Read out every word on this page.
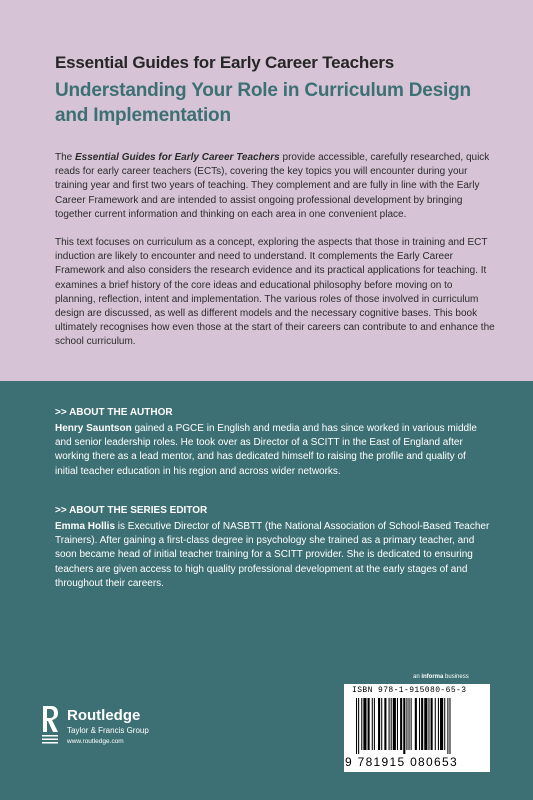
Essential Guides for Early Career Teachers
Understanding Your Role in Curriculum Design and Implementation

The Essential Guides for Early Career Teachers provide accessible, carefully researched, quick reads for early career teachers (ECTs), covering the key topics you will encounter during your training year and first two years of teaching. They complement and are fully in line with the Early Career Framework and are intended to assist ongoing professional development by bringing together current information and thinking on each area in one convenient place.

This text focuses on curriculum as a concept, exploring the aspects that those in training and ECT induction are likely to encounter and need to understand. It complements the Early Career Framework and also considers the research evidence and its practical applications for teaching. It examines a brief history of the core ideas and educational philosophy before moving on to planning, reflection, intent and implementation. The various roles of those involved in curriculum design are discussed, as well as different models and the necessary cognitive bases. This book ultimately recognises how even those at the start of their careers can contribute to and enhance the school curriculum.

>> ABOUT THE AUTHOR

Henry Sauntson gained a PGCE in English and media and has since worked in various middle and senior leadership roles. He took over as Director of a SCITT in the East of England after working there as a lead mentor, and has dedicated himself to raising the profile and quality of initial teacher education in his region and across wider networks.

>> ABOUT THE SERIES EDITOR

Emma Hollis is Executive Director of NASBTT (the National Association of School-Based Teacher Trainers). After gaining a first-class degree in psychology she trained as a primary teacher, and soon became head of initial teacher training for a SCITT provider. She is dedicated to ensuring teachers are given access to high quality professional development at the early stages of and throughout their careers.

an informa business
Routledge
Taylor & Francis Group
www.routledge.com
ISBN 978-1-915080-65-3
9 781915 080653
